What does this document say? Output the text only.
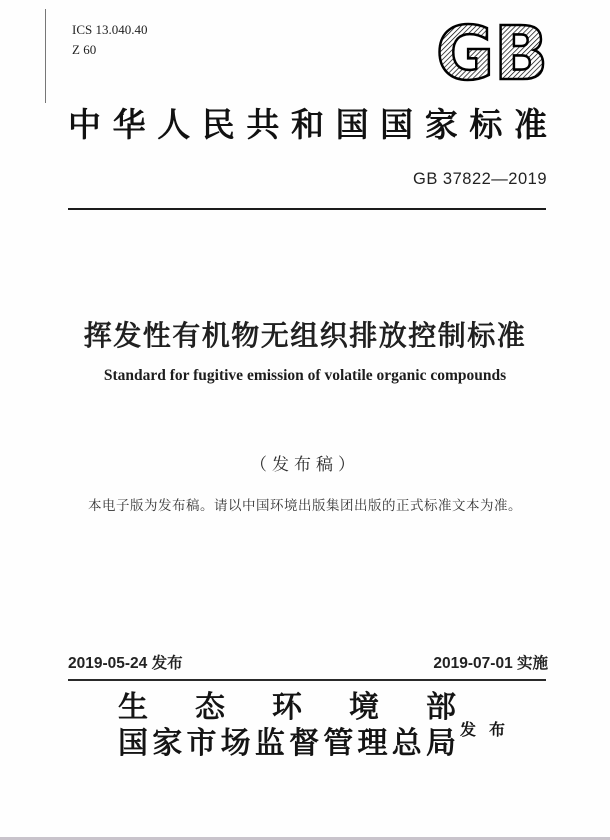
ICS 13.040.40
Z 60	GB
中 华 人 民 共 和 国 国 家 标 准
GB 37822—2019
挥发性有机物无组织排放控制标准
Standard for fugitive emission of volatile organic compounds
（发布稿）
本电子版为发布稿。请以中国环境出版集团出版的正式标准文本为准。
2019-05-24 发布	2019-07-01 实施
生 态 环 境 部
国 家 市 场 监 督 管 理 总 局 发布
